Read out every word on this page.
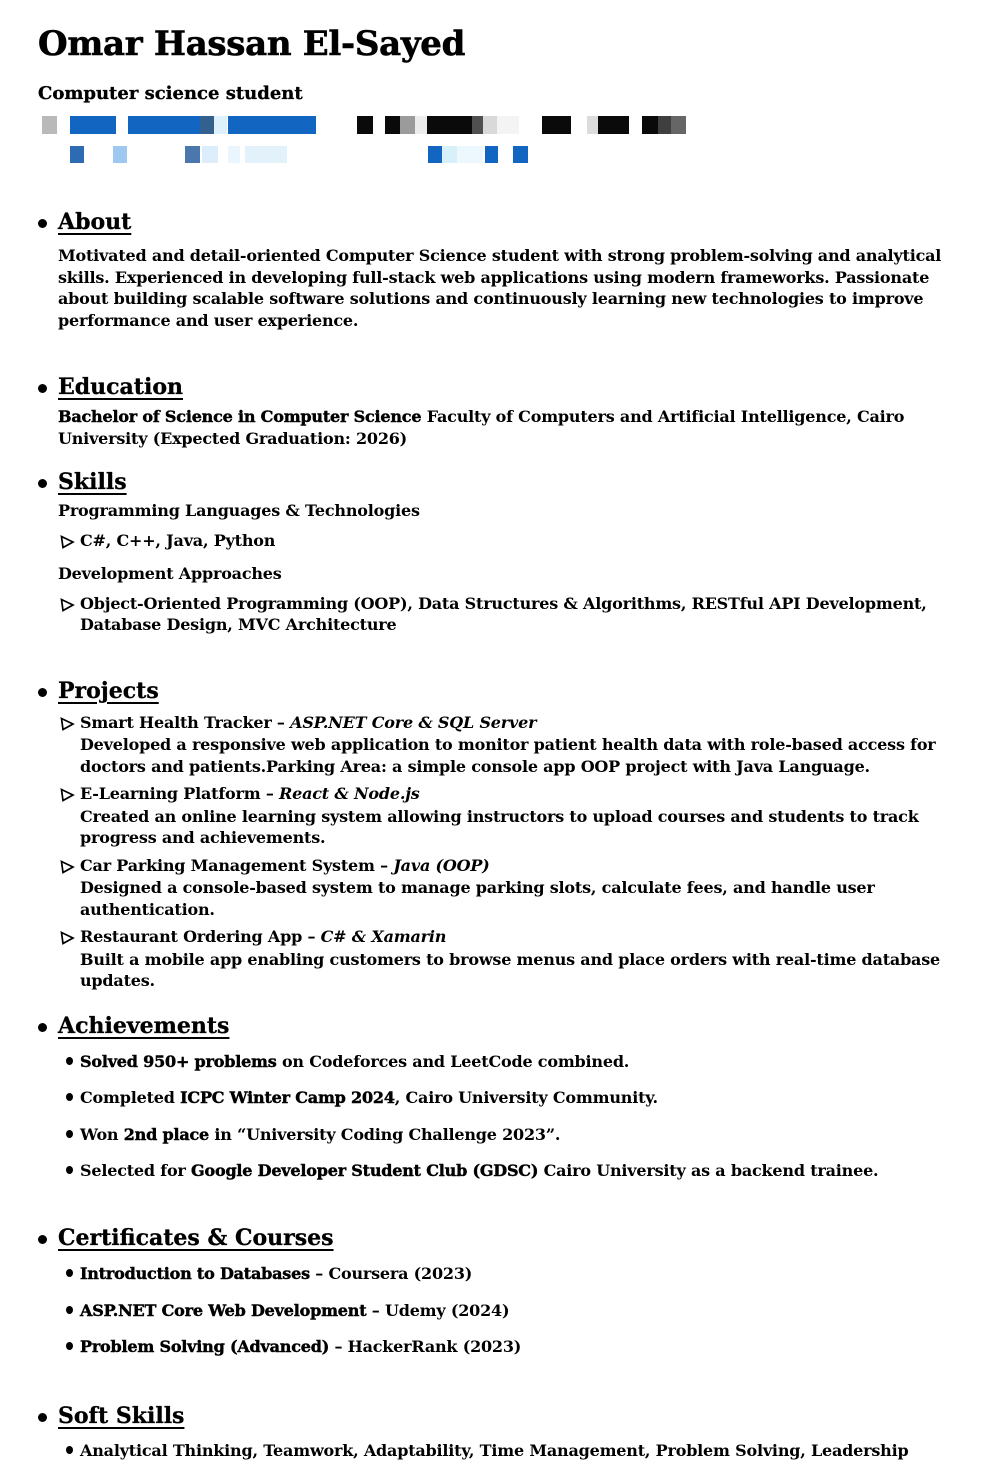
Omar Hassan El-Sayed
Computer science student
About

Motivated and detail-oriented Computer Science student with strong problem-solving and analytical skills. Experienced in developing full-stack web applications using modern frameworks. Passionate about building scalable software solutions and continuously learning new technologies to improve performance and user experience.

Education

Bachelor of Science in Computer Science Faculty of Computers and Artificial Intelligence, Cairo University (Expected Graduation: 2026)

Skills
Programming Languages & Technologies
C#, C++, Java, Python
Development Approaches
Object-Oriented Programming (OOP), Data Structures & Algorithms, RESTful API Development, Database Design, MVC Architecture
Projects
Smart Health Tracker – ASP.NET Core & SQL Server

Developed a responsive web application to monitor patient health data with role-based access for doctors and patients.Parking Area: a simple console app OOP project with Java Language.

E-Learning Platform – React & Node.js

Created an online learning system allowing instructors to upload courses and students to track progress and achievements.

Car Parking Management System – Java (OOP)

Designed a console-based system to manage parking slots, calculate fees, and handle user authentication.

Restaurant Ordering App – C# & Xamarin

Built a mobile app enabling customers to browse menus and place orders with real-time database updates.

Achievements
Solved 950+ problems on Codeforces and LeetCode combined.
Completed ICPC Winter Camp 2024, Cairo University Community.
Won 2nd place in “University Coding Challenge 2023”.
Selected for Google Developer Student Club (GDSC) Cairo University as a backend trainee.
Certificates & Courses
Introduction to Databases – Coursera (2023)
ASP.NET Core Web Development – Udemy (2024)
Problem Solving (Advanced) – HackerRank (2023)
Soft Skills
Analytical Thinking, Teamwork, Adaptability, Time Management, Problem Solving, Leadership
